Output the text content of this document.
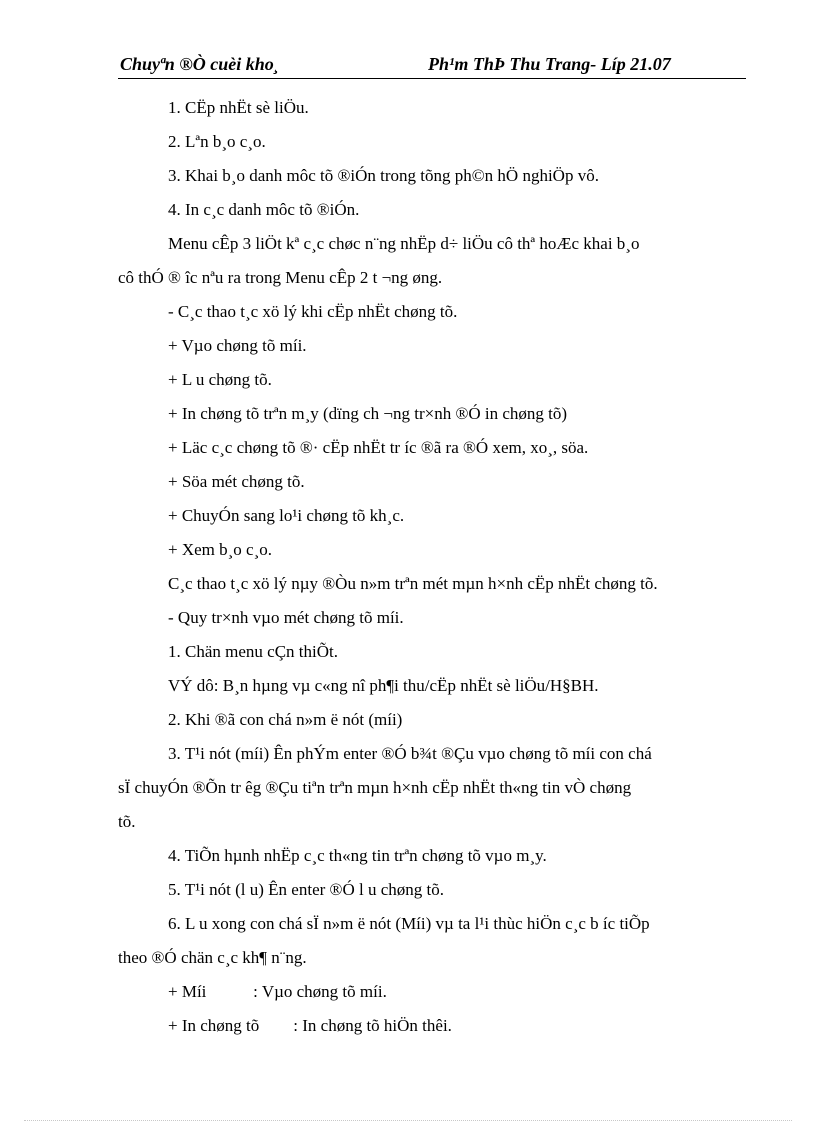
Chuyªn ®Ò cuèi kho¸	Ph¹m ThÞ Thu Trang- Líp 21.07
1. CËp nhËt sè liÖu.
2. Lªn b¸o c¸o.
3. Khai b¸o danh môc tõ ®iÓn trong tõng ph©n hÖ nghiÖp vô.
4. In c¸c danh môc tõ ®iÓn.
Menu cÊp 3 liÖt kª c¸c chøc n¨ng nhËp d÷ liÖu cô thª hoÆc khai b¸o
cô thÓ ® îc nªu ra trong Menu cÊp 2 t ¬ng øng.
- C¸c thao t¸c xö lý khi cËp nhËt chøng tõ.
+ Vµo chøng tõ míi.
+ L u chøng tõ.
+ In chøng tõ trªn m¸y (dïng ch ¬ng tr×nh ®Ó in chøng tõ)
+ Läc c¸c chøng tõ ®· cËp nhËt tr íc ®ã ra ®Ó xem, xo¸, söa.
+ Söa mét chøng tõ.
+ ChuyÓn sang lo¹i chøng tõ kh¸c.
+ Xem b¸o c¸o.
C¸c thao t¸c xö lý nµy ®Òu n»m trªn mét mµn h×nh cËp nhËt chøng tõ.
- Quy tr×nh vµo mét chøng tõ míi.
1. Chän menu cÇn thiÕt.
VÝ dô: B¸n hµng vµ c«ng nî ph¶i thu/cËp nhËt sè liÖu/H§BH.
2. Khi ®ã con chá n»m ë nót (míi)
3. T¹i nót (míi) Ên phÝm enter ®Ó b¾t ®Çu vµo chøng tõ míi con chá
sÏ chuyÓn ®Õn tr êg ®Çu tiªn trªn mµn h×nh cËp nhËt th«ng tin vÒ chøng
tõ.
4. TiÕn hµnh nhËp c¸c th«ng tin trªn chøng tõ vµo m¸y.
5. T¹i nót (l u) Ên enter ®Ó l u chøng tõ.
6. L u xong con chá sÏ n»m ë nót (Míi) vµ ta l¹i thùc hiÖn c¸c b íc tiÕp
theo ®Ó chän c¸c kh¶ n¨ng.
+ Míi           : Vµo chøng tõ míi.
+ In chøng tõ        : In chøng tõ hiÖn thêi.
